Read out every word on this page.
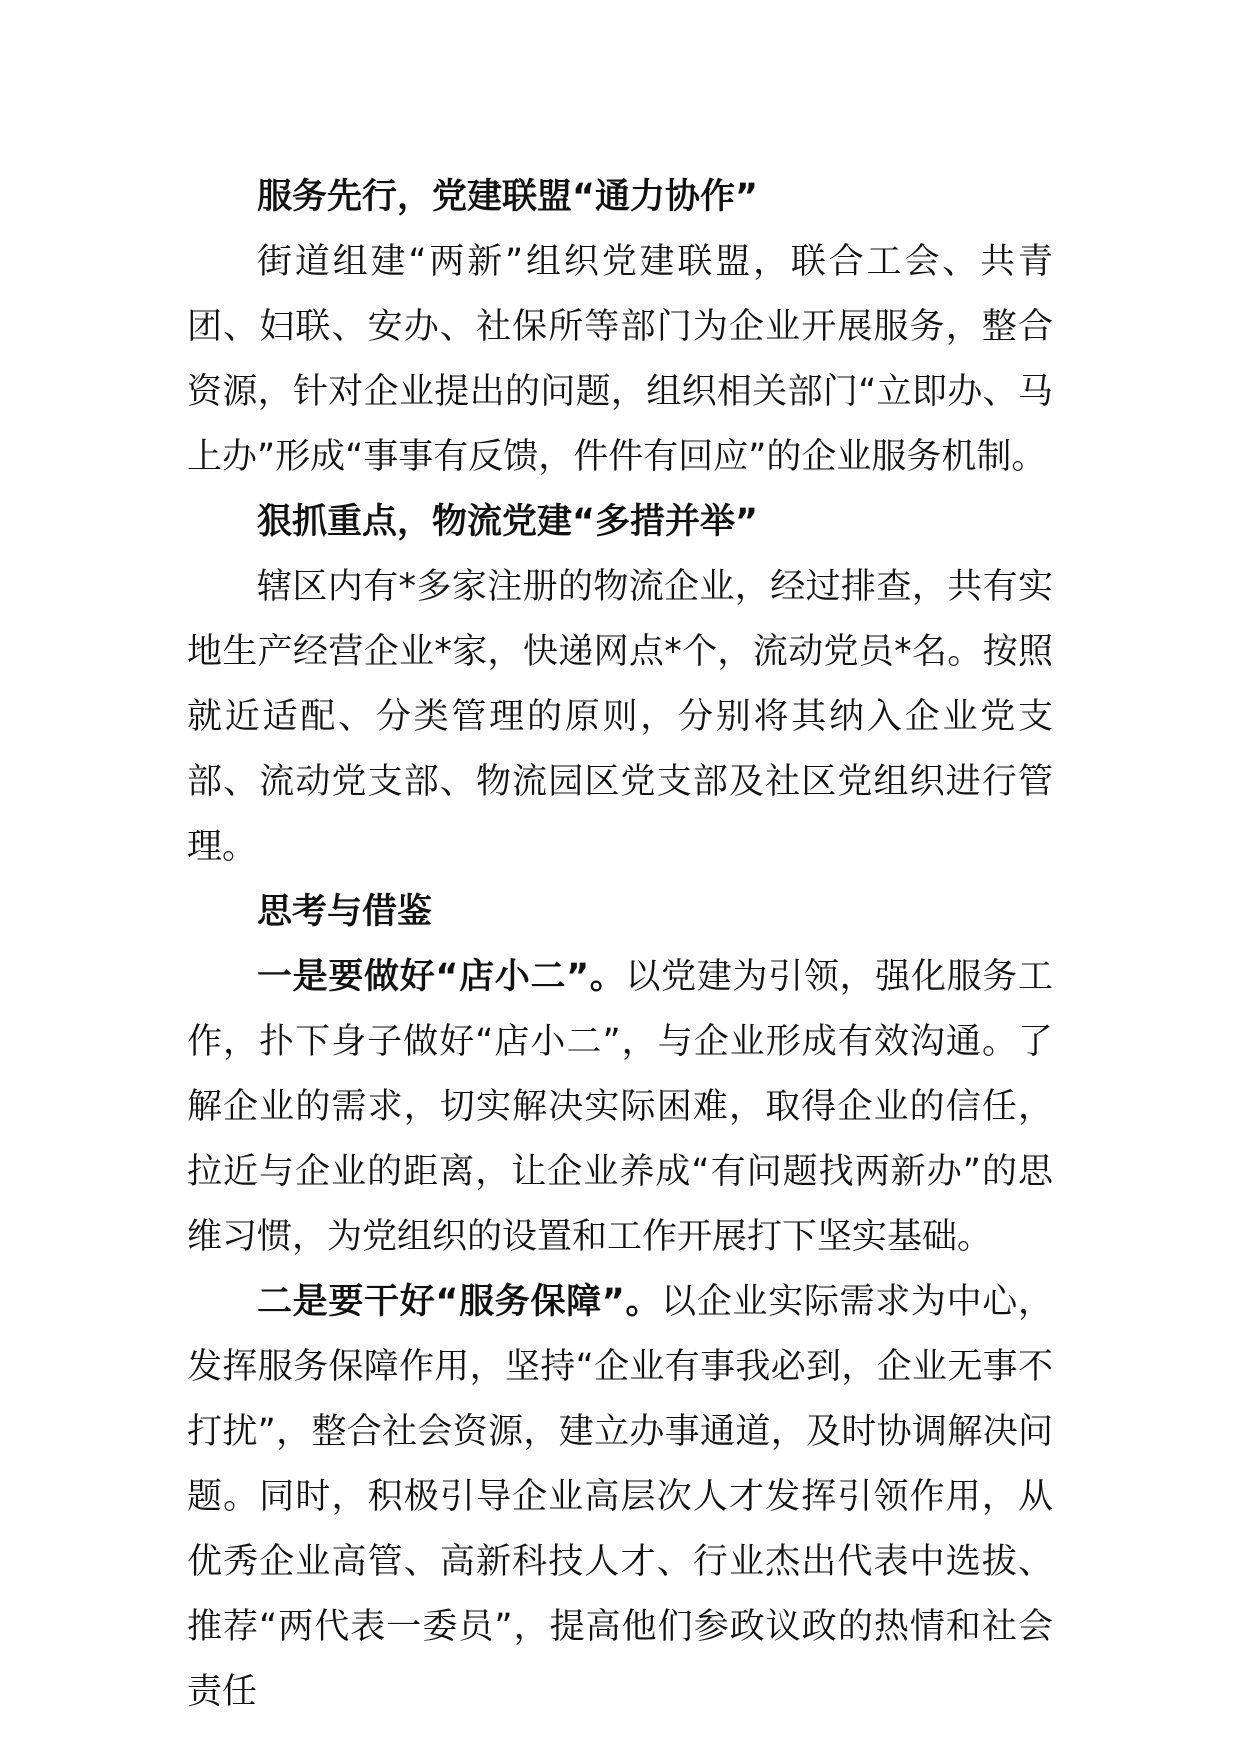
服务先行，党建联盟“通力协作”

街道组建“两新”组织党建联盟，联合工会、共青团、妇联、安办、社保所等部门为企业开展服务，整合资源，针对企业提出的问题，组织相关部门“立即办、马上办”形成“事事有反馈，件件有回应”的企业服务机制。

狠抓重点，物流党建“多措并举”

辖区内有*多家注册的物流企业，经过排查，共有实地生产经营企业*家，快递网点*个，流动党员*名。按照就近适配、分类管理的原则，分别将其纳入企业党支部、流动党支部、物流园区党支部及社区党组织进行管理。

思考与借鉴

一是要做好“店小二”。以党建为引领，强化服务工作，扑下身子做好“店小二”，与企业形成有效沟通。了解企业的需求，切实解决实际困难，取得企业的信任，拉近与企业的距离，让企业养成“有问题找两新办”的思维习惯，为党组织的设置和工作开展打下坚实基础。

二是要干好“服务保障”。以企业实际需求为中心，发挥服务保障作用，坚持“企业有事我必到，企业无事不打扰”，整合社会资源，建立办事通道，及时协调解决问题。同时，积极引导企业高层次人才发挥引领作用，从优秀企业高管、高新科技人才、行业杰出代表中选拔、推荐“两代表一委员”，提高他们参政议政的热情和社会责任
